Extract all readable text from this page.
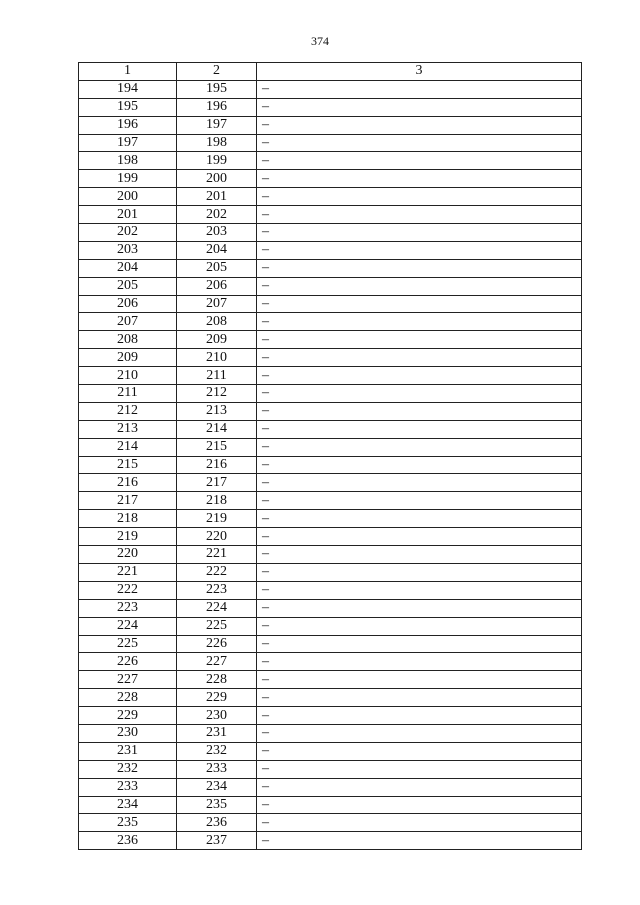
374
1	2	3
194	195	–
195	196	–
196	197	–
197	198	–
198	199	–
199	200	–
200	201	–
201	202	–
202	203	–
203	204	–
204	205	–
205	206	–
206	207	–
207	208	–
208	209	–
209	210	–
210	211	–
211	212	–
212	213	–
213	214	–
214	215	–
215	216	–
216	217	–
217	218	–
218	219	–
219	220	–
220	221	–
221	222	–
222	223	–
223	224	–
224	225	–
225	226	–
226	227	–
227	228	–
228	229	–
229	230	–
230	231	–
231	232	–
232	233	–
233	234	–
234	235	–
235	236	–
236	237	–
